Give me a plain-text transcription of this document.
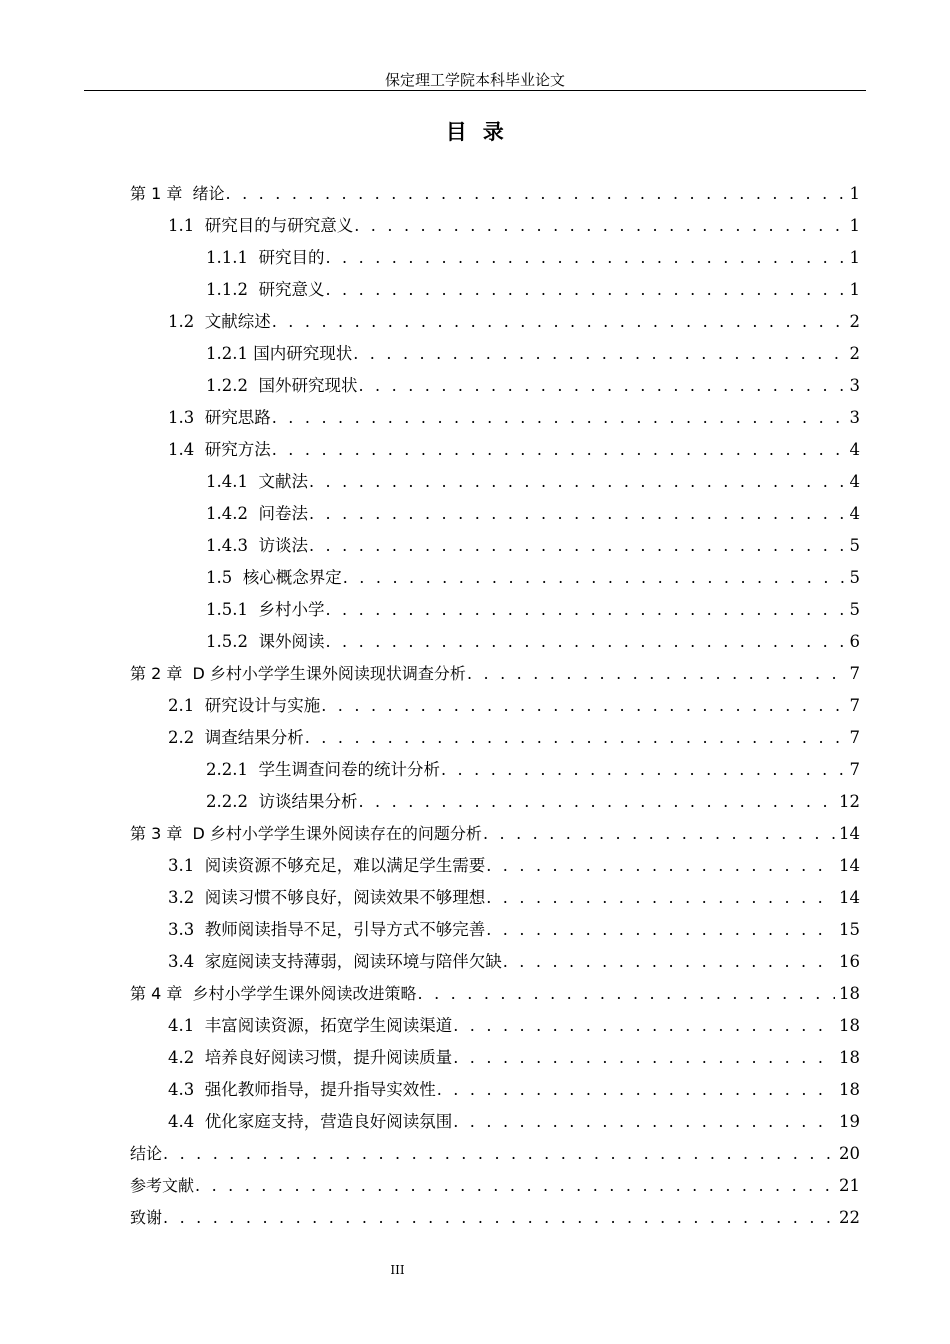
保定理工学院本科毕业论文
目  录
第 1 章  绪论 . . .	1
1.1  研究目的与研究意义 . . .	1
1.1.1  研究目的 . . .	1
1.1.2  研究意义 . . .	1
1.2  文献综述 . . .	2
1.2.1 国内研究现状 . . .	2
1.2.2  国外研究现状 . . .	3
1.3  研究思路 . . .	3
1.4  研究方法 . . .	4
1.4.1  文献法 . . .	4
1.4.2  问卷法 . . .	4
1.4.3  访谈法 . . .	5
1.5  核心概念界定 . . .	5
1.5.1  乡村小学 . . .	5
1.5.2  课外阅读 . . .	6
第 2 章  D 乡村小学学生课外阅读现状调查分析 . . .	7
2.1  研究设计与实施 . . .	7
2.2  调查结果分析 . . .	7
2.2.1  学生调查问卷的统计分析 . . .	7
2.2.2  访谈结果分析 . . .	12
第 3 章  D 乡村小学学生课外阅读存在的问题分析 . . .	14
3.1  阅读资源不够充足，难以满足学生需要 . . .	14
3.2  阅读习惯不够良好，阅读效果不够理想 . . .	14
3.3  教师阅读指导不足，引导方式不够完善 . . .	15
3.4  家庭阅读支持薄弱，阅读环境与陪伴欠缺 . . .	16
第 4 章  乡村小学学生课外阅读改进策略 . . .	18
4.1  丰富阅读资源，拓宽学生阅读渠道 . . .	18
4.2  培养良好阅读习惯，提升阅读质量 . . .	18
4.3  强化教师指导，提升指导实效性 . . .	18
4.4  优化家庭支持，营造良好阅读氛围 . . .	19
结论 . . .	20
参考文献 . . .	21
致谢 . . .	22
III
